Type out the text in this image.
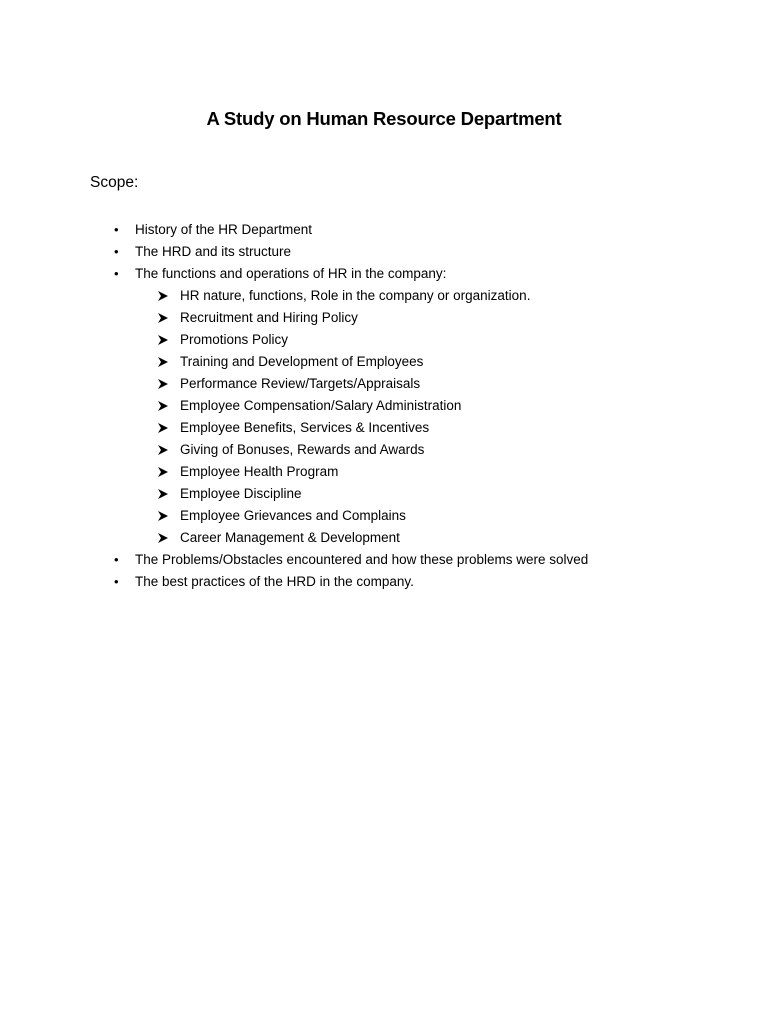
A Study on Human Resource Department
Scope:
• History of the HR Department
• The HRD and its structure
• The functions and operations of HR in the company:
HR nature, functions, Role in the company or organization.
Recruitment and Hiring Policy
Promotions Policy
Training and Development of Employees
Performance Review/Targets/Appraisals
Employee Compensation/Salary Administration
Employee Benefits, Services & Incentives
Giving of Bonuses, Rewards and Awards
Employee Health Program
Employee Discipline
Employee Grievances and Complains
Career Management & Development
• The Problems/Obstacles encountered and how these problems were solved
• The best practices of the HRD in the company.
